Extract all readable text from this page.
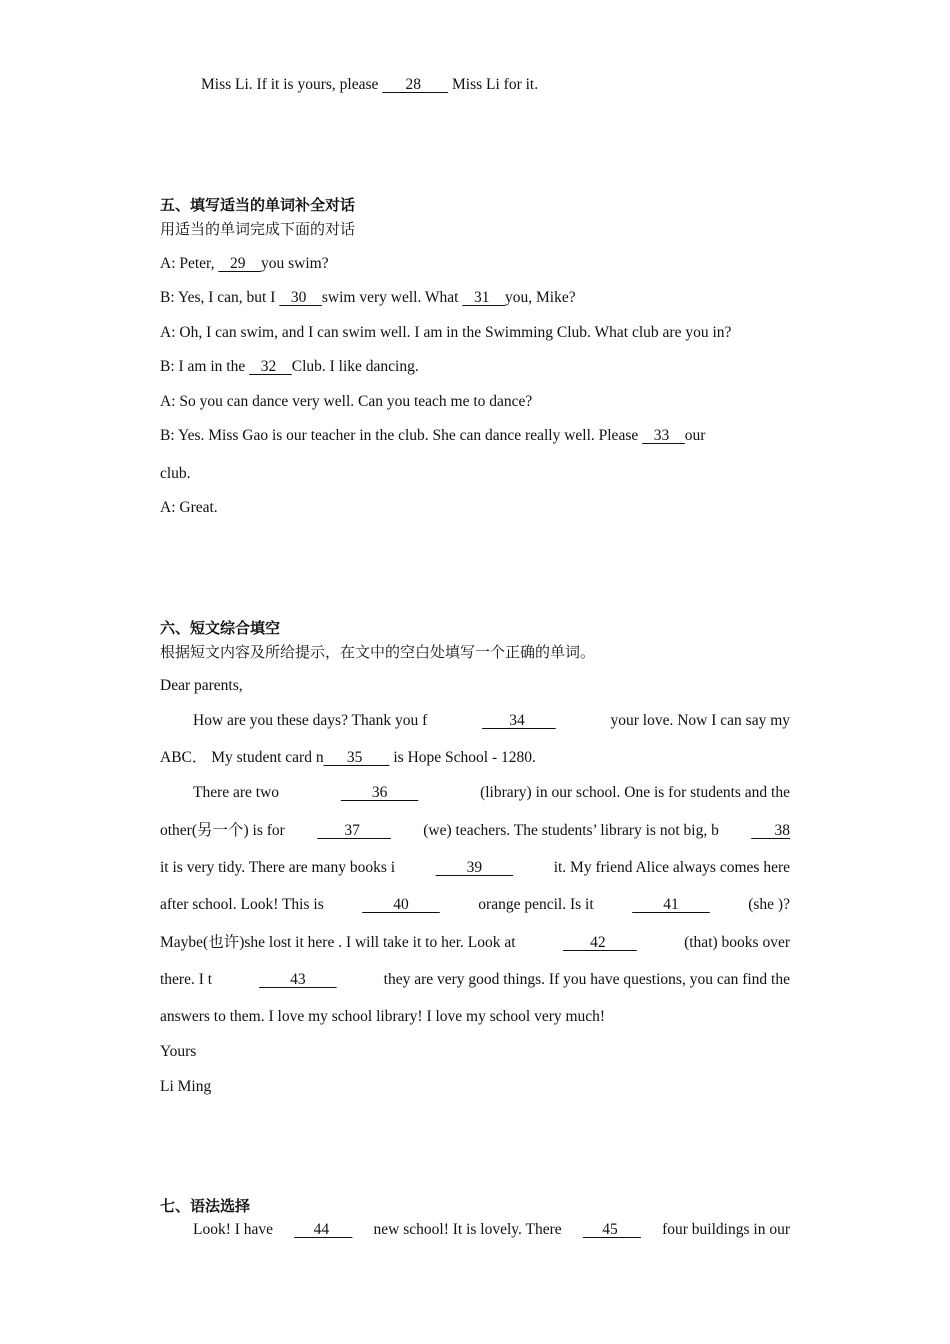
Miss Li. If it is yours, please       28        Miss Li for it.
五、填写适当的单词补全对话
用适当的单词完成下面的对话
A: Peter,    29    you swim?
B: Yes, I can, but I    30    swim very well. What    31    you, Mike?
A: Oh, I can swim, and I can swim well. I am in the Swimming Club. What club are you in?
B: I am in the    32    Club. I like dancing.
A: So you can dance very well. Can you teach me to dance?
B: Yes. Miss Gao is our teacher in the club. She can dance really well. Please    33    our
club.
A: Great.
六、短文综合填空
根据短文内容及所给提示，在文中的空白处填写一个正确的单词。
Dear parents,
How are you these days? Thank you f	34	your love. Now I can say my
ABC． My student card n      35        is Hope School - 1280.
There are two	36	(library) in our school. One is for students and the
other(另一个) is for 37 (we) teachers. The students’ library is not big, b 38
it is very tidy. There are many books i	39	it. My friend Alice always comes here
after school. Look! This is 40 orange pencil. Is it 41 (she )?
Maybe(也许)she lost it here . I will take it to her. Look at	42	(that) books over
there. I t	43	they are very good things. If you have questions, you can find the
answers to them. I love my school library! I love my school very much!
Yours
Li Ming
七、语法选择
Look! I have 44 new school! It is lovely. There 45 four buildings in our
